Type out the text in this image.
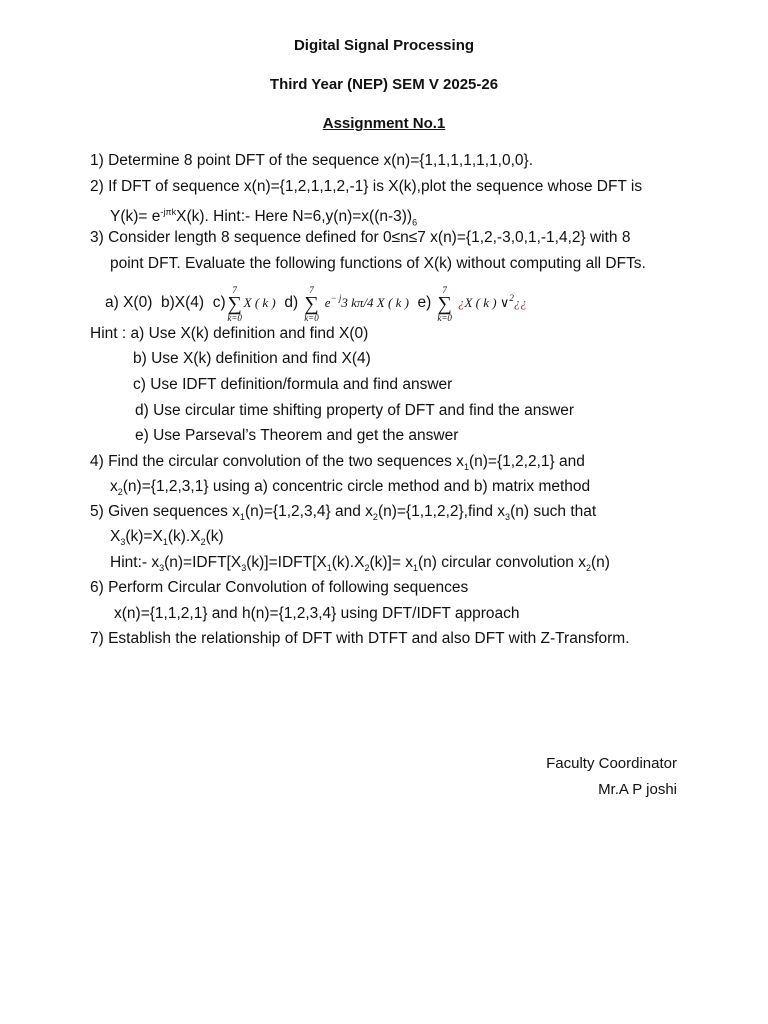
Digital Signal Processing
Third Year (NEP) SEM V 2025-26
Assignment No.1
1) Determine 8 point DFT of the sequence x(n)={1,1,1,1,1,1,0,0}.
2) If DFT of sequence x(n)={1,2,1,1,2,-1} is X(k),plot the sequence whose DFT is
$Y(k)= e^{-j\pi k}X(k)$. Hint:- Here $N=6,y(n)=x((n-3))_6$
3) Consider length 8 sequence defined for 0≤n≤7 x(n)={1,2,-3,0,1,-1,4,2} with 8
point DFT. Evaluate the following functions of X(k) without computing all DFTs.
a) X(0) b)X(4) c)
7
∑
k=0
X ( k ) d)
7
∑
k=0
$e^{- j}3$ kπ/4 X ( k ) e)
7
∑
k=0
¿X ( k ) ∨$^2$¿¿
Hint : a) Use X(k) definition and find X(0)
b) Use X(k) definition and find X(4)
c) Use IDFT definition/formula and find answer
d) Use circular time shifting property of DFT and find the answer
e) Use Parseval’s Theorem and get the answer
4) Find the circular convolution of the two sequences $x_1(n)=\{1,2,2,1\}$ and
$x_2(n)=\{1,2,3,1\}$ using a) concentric circle method and b) matrix method
5) Given sequences $x_1(n)=\{1,2,3,4\}$ and $x_2(n)=\{1,1,2,2\},find$ $x_3(n)$ such that
$X_3(k)=X_1(k).X_2(k)$
Hint:- $x_3(n)=IDFT[X_3(k)]=IDFT[X_1(k).X_2(k)]= x_1(n)$ circular convolution $x_2(n)$
6) Perform Circular Convolution of following sequences
x(n)={1,1,2,1} and h(n)={1,2,3,4} using DFT/IDFT approach
7) Establish the relationship of DFT with DTFT and also DFT with Z-Transform.
Faculty Coordinator
Mr.A P joshi
